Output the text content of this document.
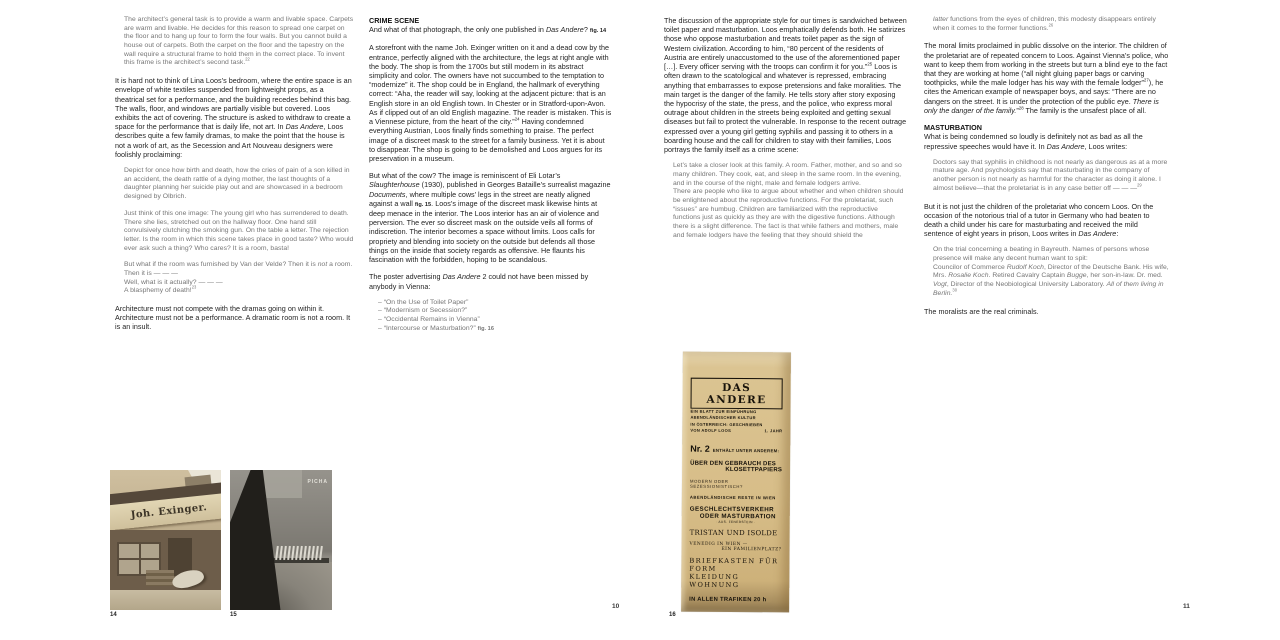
The architect’s general task is to provide a warm and livable space. Carpets are warm and livable. He decides for this reason to spread one carpet on the floor and to hang up four to form the four walls. But you cannot build a house out of carpets. Both the carpet on the floor and the tapestry on the wall require a structural frame to hold them in the correct place. To invent this frame is the architect’s second task.$^{22}$
It is hard not to think of Lina Loos’s bedroom, where the entire space is an envelope of white textiles suspended from lightweight props, as a theatrical set for a performance, and the building recedes behind this bag. The walls, floor, and windows are partially visible but covered. Loos exhibits the act of covering. The structure is asked to withdraw to create a space for the performance that is daily life, not art. In Das Andere, Loos describes quite a few family dramas, to make the point that the house is not a work of art, as the Secession and Art Nouveau designers were foolishly proclaiming:
Depict for once how birth and death, how the cries of pain of a son killed in an accident, the death rattle of a dying mother, the last thoughts of a daughter planning her suicide play out and are showcased in a bedroom designed by Olbrich.
Just think of this one image: The young girl who has surrendered to death. There she lies, stretched out on the hallway floor. One hand still convulsively clutching the smoking gun. On the table a letter. The rejection letter. Is the room in which this scene takes place in good taste? Who would ever ask such a thing? Who cares? It is a room, basta!
But what if the room was furnished by Van der Velde? Then it is not a room.
Then it is — — —
Well, what is it actually? — — —
A blasphemy of death!$^{23}$
Architecture must not compete with the dramas going on within it. Architecture must not be a performance. A dramatic room is not a room. It is an insult.
CRIME SCENE
And what of that photograph, the only one published in Das Andere? fig. 14
A storefront with the name Joh. Exinger written on it and a dead cow by the entrance, perfectly aligned with the architecture, the legs at right angle with the body. The shop is from the 1700s but still modern in its abstract simplicity and color. The owners have not succumbed to the temptation to “modernize” it. The shop could be in England, the hallmark of everything correct: “Aha, the reader will say, looking at the adjacent picture: that is an English store in an old English town. In Chester or in Stratford-upon-Avon. As if clipped out of an old English magazine. The reader is mistaken. This is a Viennese picture, from the heart of the city.”$^{24}$ Having condemned everything Austrian, Loos finally finds something to praise. The perfect image of a discreet mask to the street for a family business. Yet it is about to disappear. The shop is going to be demolished and Loos argues for its preservation in a museum.
But what of the cow? The image is reminiscent of Eli Lotar’s Slaughterhouse (1930), published in Georges Bataille’s surrealist magazine Documents, where multiple cows’ legs in the street are neatly aligned against a wall fig. 15. Loos’s image of the discreet mask likewise hints at deep menace in the interior. The Loos interior has an air of violence and perversion. The ever so discreet mask on the outside veils all forms of indiscretion. The interior becomes a space without limits. Loos calls for propriety and blending into society on the outside but defends all those things on the inside that society regards as offensive. He flaunts his fascination with the forbidden, hoping to be scandalous.
The poster advertising Das Andere 2 could not have been missed by anybody in Vienna:
– “On the Use of Toilet Paper”
– “Modernism or Secession?”
– “Occidental Remains in Vienna”
– “Intercourse or Masturbation?” fig. 16
The discussion of the appropriate style for our times is sandwiched between toilet paper and masturbation. Loos emphatically defends both. He satirizes those who oppose masturbation and treats toilet paper as the sign of Western civilization. According to him, “80 percent of the residents of Austria are entirely unaccustomed to the use of the aforementioned paper […]. Every officer serving with the troops can confirm it for you.”$^{25}$ Loos is often drawn to the scatological and whatever is repressed, embracing anything that embarrasses to expose pretensions and fake moralities. The main target is the danger of the family. He tells story after story exposing the hypocrisy of the state, the press, and the police, who express moral outrage about children in the streets being exploited and getting sexual diseases but fail to protect the vulnerable. In response to the recent outrage expressed over a young girl getting syphilis and passing it to others in a boarding house and the call for children to stay with their families, Loos portrays the family itself as a crime scene:
Let’s take a closer look at this family. A room. Father, mother, and so and so many children. They cook, eat, and sleep in the same room. In the evening, and in the course of the night, male and female lodgers arrive.
There are people who like to argue about whether and when children should be enlightened about the reproductive functions. For the proletariat, such “issues” are humbug. Children are familiarized with the reproductive functions just as quickly as they are with the digestive functions. Although there is a slight difference. The fact is that while fathers and mothers, male and female lodgers have the feeling that they should shield the
latter functions from the eyes of children, this modesty disappears entirely when it comes to the former functions.$^{26}$
The moral limits proclaimed in public dissolve on the interior. The children of the proletariat are of repeated concern to Loos. Against Vienna’s police, who want to keep them from working in the streets but turn a blind eye to the fact that they are working at home (“all night gluing paper bags or carving toothpicks, while the male lodger has his way with the female lodger”$^{27}$), he cites the American example of newspaper boys, and says: “There are no dangers on the street. It is under the protection of the public eye. There is only the danger of the family.”$^{28}$ The family is the unsafest place of all.
MASTURBATION
What is being condemned so loudly is definitely not as bad as all the repressive speeches would have it. In Das Andere, Loos writes:
Doctors say that syphilis in childhood is not nearly as dangerous as at a more mature age. And psychologists say that masturbating in the company of another person is not nearly as harmful for the character as doing it alone. I almost believe—that the proletariat is in any case better off — — —$^{29}$
But it is not just the children of the proletariat who concern Loos. On the occasion of the notorious trial of a tutor in Germany who had beaten to death a child under his care for masturbating and received the mild sentence of eight years in prison, Loos writes in Das Andere:
On the trial concerning a beating in Bayreuth. Names of persons whose presence will make any decent human want to spit:
Councilor of Commerce Rudolf Koch, Director of the Deutsche Bank. His wife, Mrs. Rosalie Koch. Retired Cavalry Captain Bugge, her son-in-law. Dr. med. Vogt, Director of the Neobiological University Laboratory. All of them living in Berlin.$^{30}$
The moralists are the real criminals.
Joh. Exinger.
14
PICHA
15
DAS ANDERE
EIN BLATT ZUR EINFÜHRUNG
ABENDLÄNDISCHER KULTUR
IN ÖSTERREICH: GESCHRIEBEN
VON ADOLF LOOS	1. JAHR
Nr. 2 ENTHÄLT UNTER ANDEREM:
ÜBER DEN GEBRAUCH DES
KLOSETTPAPIERS
MODERN ODER SEZESSIONISTISCH?
ABENDLÄNDISCHE RESTE IN WIEN
GESCHLECHTSVERKEHR
ODER MASTURBATION
· AUS. FENERSTEIN ·
TRISTAN UND ISOLDE
VENEDIG IN WIEN —
EIN FAMILIENPLATZ?
BRIEFKASTEN FÜR
FORM
KLEIDUNG
WOHNUNG
IN ALLEN TRAFIKEN 20 h
16
10	11
